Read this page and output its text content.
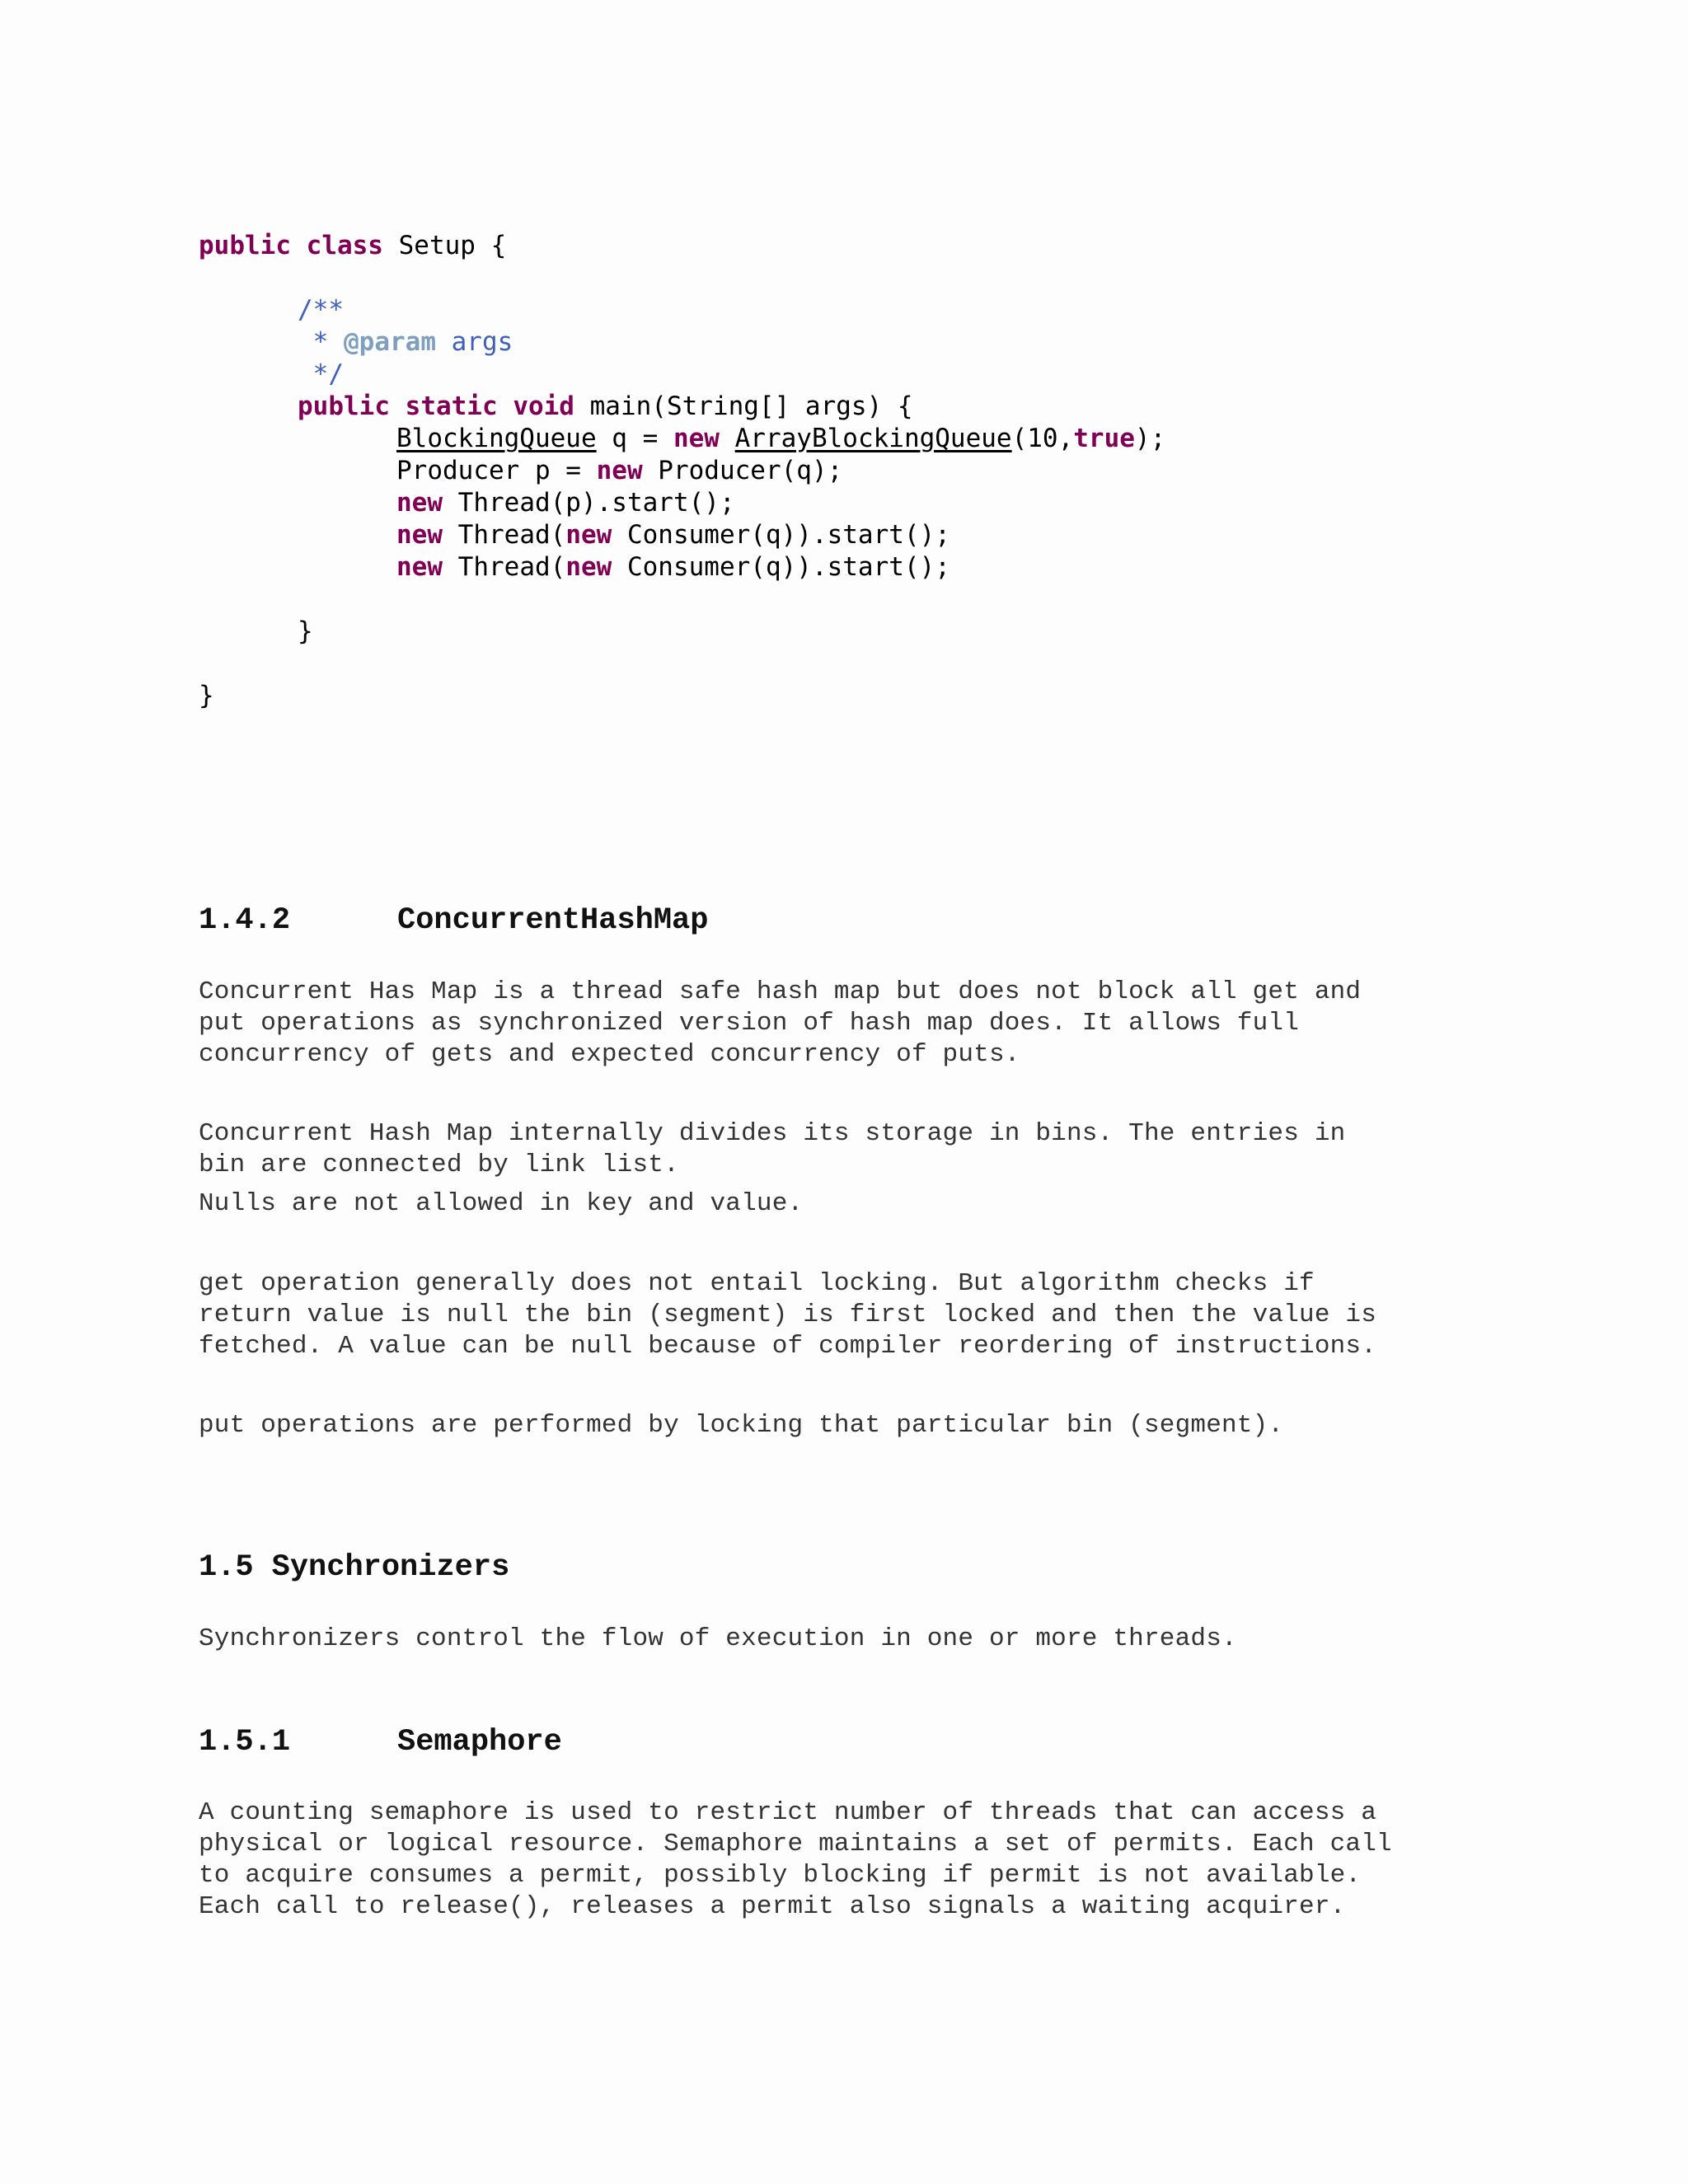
public class Setup {
/**
* @param args
*/
public static void main(String[] args) {
BlockingQueue q = new ArrayBlockingQueue(10,true);
Producer p = new Producer(q);
new Thread(p).start();
new Thread(new Consumer(q)).start();
new Thread(new Consumer(q)).start();
}
}
1.4.2	ConcurrentHashMap
Concurrent Has Map is a thread safe hash map but does not block all get and
put operations as synchronized version of hash map does. It allows full
concurrency of gets and expected concurrency of puts.
Concurrent Hash Map internally divides its storage in bins. The entries in
bin are connected by link list.
Nulls are not allowed in key and value.
get operation generally does not entail locking. But algorithm checks if
return value is null the bin (segment) is first locked and then the value is
fetched. A value can be null because of compiler reordering of instructions.
put operations are performed by locking that particular bin (segment).
1.5 Synchronizers
Synchronizers control the flow of execution in one or more threads.
1.5.1	Semaphore
A counting semaphore is used to restrict number of threads that can access a
physical or logical resource. Semaphore maintains a set of permits. Each call
to acquire consumes a permit, possibly blocking if permit is not available.
Each call to release(), releases a permit also signals a waiting acquirer.
